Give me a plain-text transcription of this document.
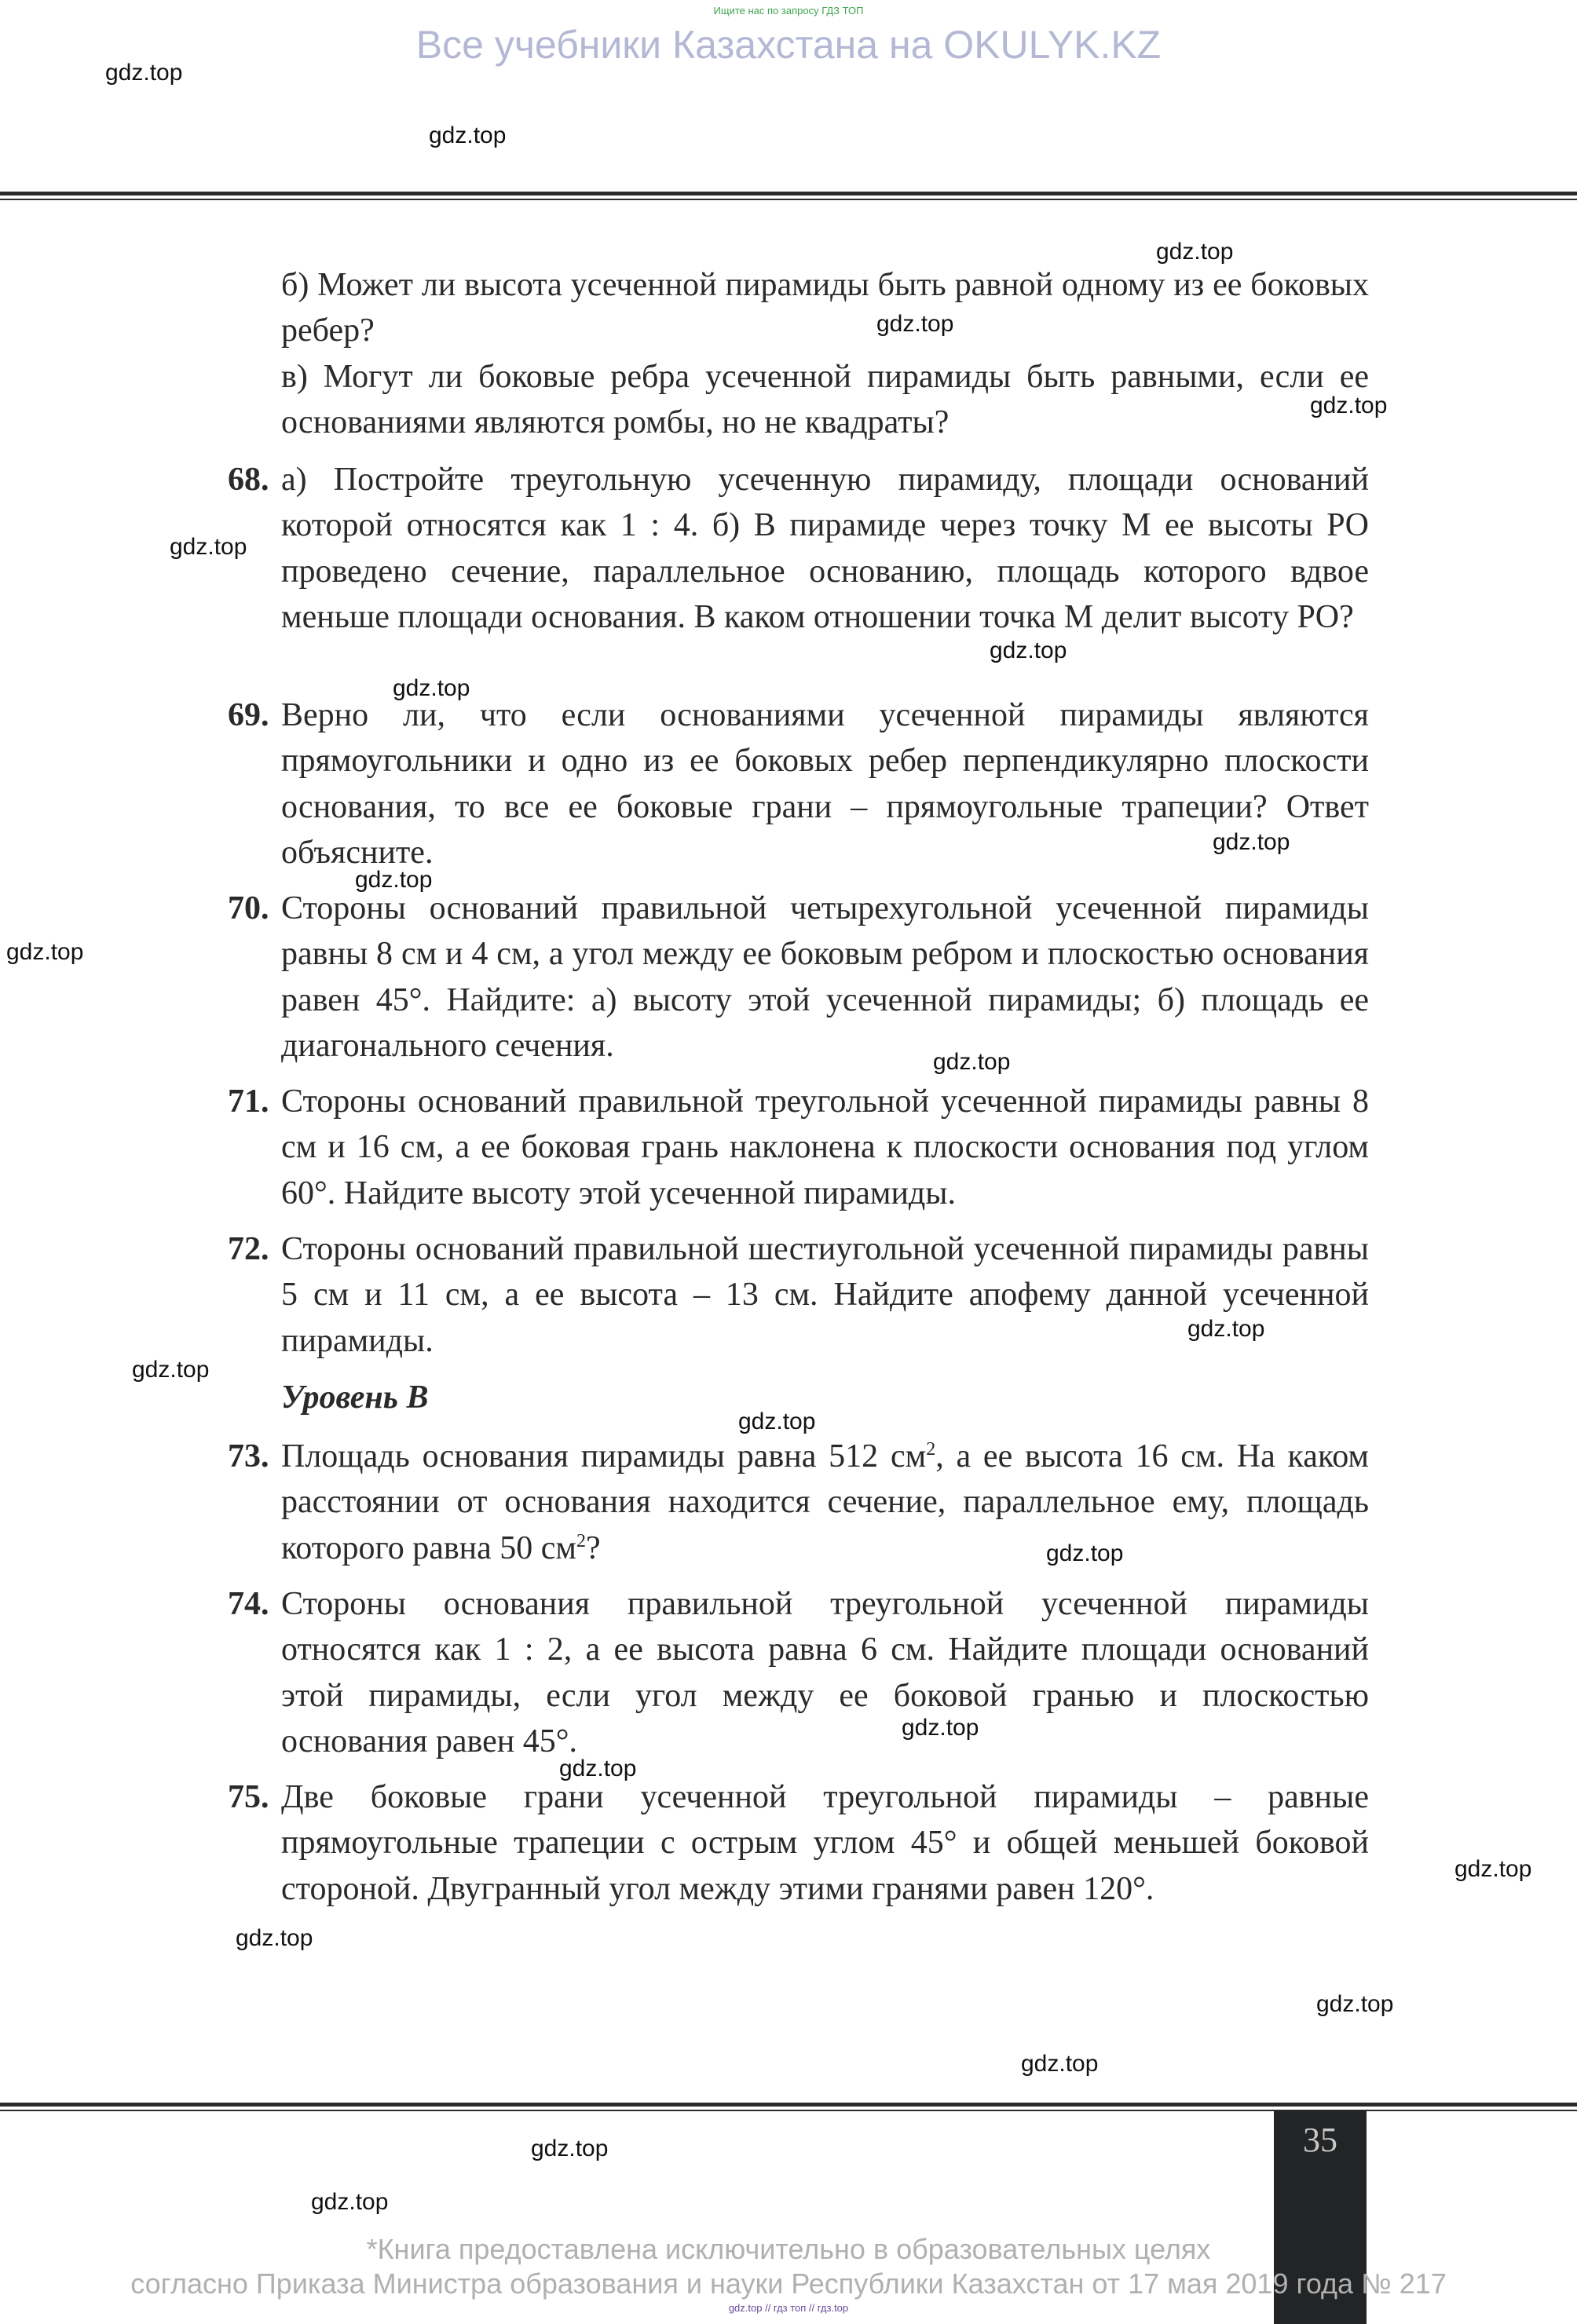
Ищите нас по запросу ГДЗ ТОП
Все учебники Казахстана на OKULYK.KZ
б) Может ли высота усеченной пирамиды быть равной одному из ее боковых ребер?
в) Могут ли боковые ребра усеченной пирамиды быть равными, если ее основаниями являются ромбы, но не квадраты?
68. а) Постройте треугольную усеченную пирамиду, площади оснований которой относятся как 1 : 4. б) В пирамиде через точку M ее высоты PO проведено сечение, параллельное основанию, площадь которого вдвое меньше площади основания. В каком отношении точка M делит высоту PO?
69. Верно ли, что если основаниями усеченной пирамиды являются прямоугольники и одно из ее боковых ребер перпендикулярно плоскости основания, то все ее боковые грани – прямоугольные трапеции? Ответ объясните.
70. Стороны оснований правильной четырехугольной усеченной пирамиды равны 8 см и 4 см, а угол между ее боковым ребром и плоскостью основания равен 45°. Найдите: а) высоту этой усеченной пирамиды; б) площадь ее диагонального сечения.
71. Стороны оснований правильной треугольной усеченной пирамиды равны 8 см и 16 см, а ее боковая грань наклонена к плоскости основания под углом 60°. Найдите высоту этой усеченной пирамиды.
72. Стороны оснований правильной шестиугольной усеченной пирамиды равны 5 см и 11 см, а ее высота – 13 см. Найдите апофему данной усеченной пирамиды.
Уровень B
73. Площадь основания пирамиды равна 512 $см^2$, а ее высота 16 см. На каком расстоянии от основания находится сечение, параллельное ему, площадь которого равна 50 $см^2$?
74. Стороны основания правильной треугольной усеченной пирамиды относятся как 1 : 2, а ее высота равна 6 см. Найдите площади оснований этой пирамиды, если угол между ее боковой гранью и плоскостью основания равен 45°.
75. Две боковые грани усеченной треугольной пирамиды – равные прямоугольные трапеции с острым углом 45° и общей меньшей боковой стороной. Двугранный угол между этими гранями равен 120°.
35
*Книга предоставлена исключительно в образовательных целях
согласно Приказа Министра образования и науки Республики Казахстан от 17 мая 2019 года № 217
gdz.top // гдз топ // гдз.top
gdz.top
gdz.top
gdz.top
gdz.top
gdz.top
gdz.top
gdz.top
gdz.top
gdz.top
gdz.top
gdz.top
gdz.top
gdz.top
gdz.top
gdz.top
gdz.top
gdz.top
gdz.top
gdz.top
gdz.top
gdz.top
gdz.top
gdz.top
gdz.top
